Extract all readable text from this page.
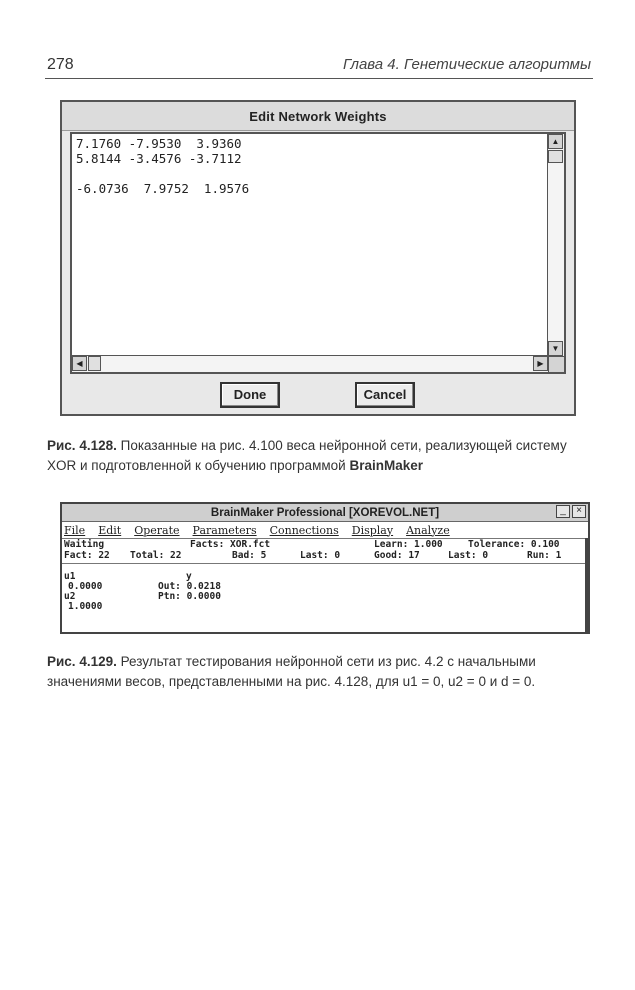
278	Глава 4. Генетические алгоритмы
Edit Network Weights
7.1760 -7.9530  3.9360
5.8144 -3.4576 -3.7112
-6.0736  7.9752  1.9576
▲
▼
◀	▶
Done	Cancel
Рис. 4.128. Показанные на рис. 4.100 веса нейронной сети, реализующей систему XOR и подготовленной к обучению программой BrainMaker
BrainMaker Professional [XOREVOL.NET]	_	×
File Edit Operate Parameters Connections Display Analyze
Waiting	Facts: XOR.fct	Learn: 1.000	Tolerance: 0.100
Fact: 22 Total: 22	Bad: 5	Last: 0	Good: 17	Last: 0	Run: 1
u1
0.0000
u2
1.0000
y
Out: 0.0218
Ptn: 0.0000
Рис. 4.129. Результат тестирования нейронной сети из рис. 4.2 с начальными значениями весов, представленными на рис. 4.128, для u1 = 0, u2 = 0 и d = 0.
